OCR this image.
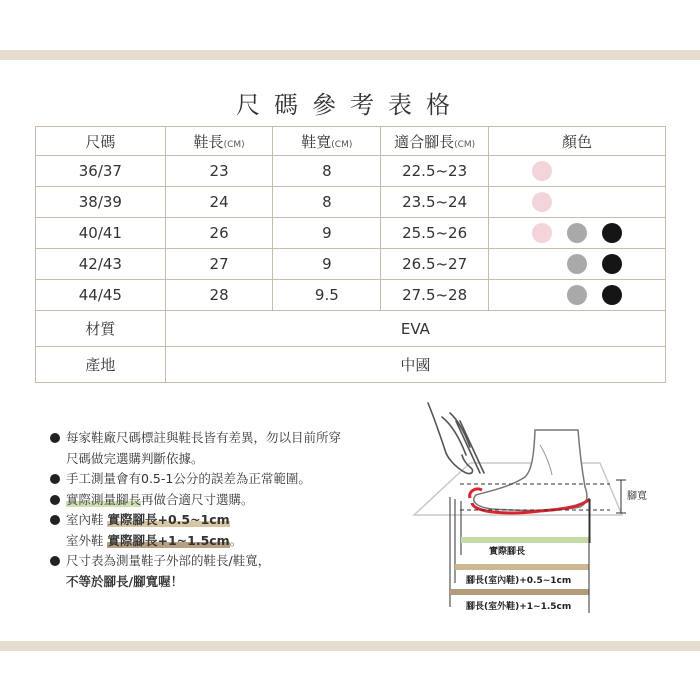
尺碼參考表格
尺碼	鞋長(CM)	鞋寬(CM)	適合腳長(CM)	顏色
36/37	23	8	22.5~23	

38/39	24	8	23.5~24	

40/41	26	9	25.5~26	

42/43	27	9	26.5~27	

44/45	28	9.5	27.5~28	

材質	EVA			
產地	中國			
每家鞋廠尺碼標註與鞋長皆有差異，勿以目前所穿
尺碼做完選購判斷依據。
手工測量會有0.5-1公分的誤差為正常範圍。
實際測量腳長再做合適尺寸選購。
室內鞋 實際腳長+0.5~1cm
室外鞋 實際腳長+1~1.5cm。
尺寸表為測量鞋子外部的鞋長/鞋寬，
不等於腳長/腳寬喔！
實際腳長
腳長(室內鞋)+0.5~1cm
腳長(室外鞋)+1~1.5cm
腳寬
